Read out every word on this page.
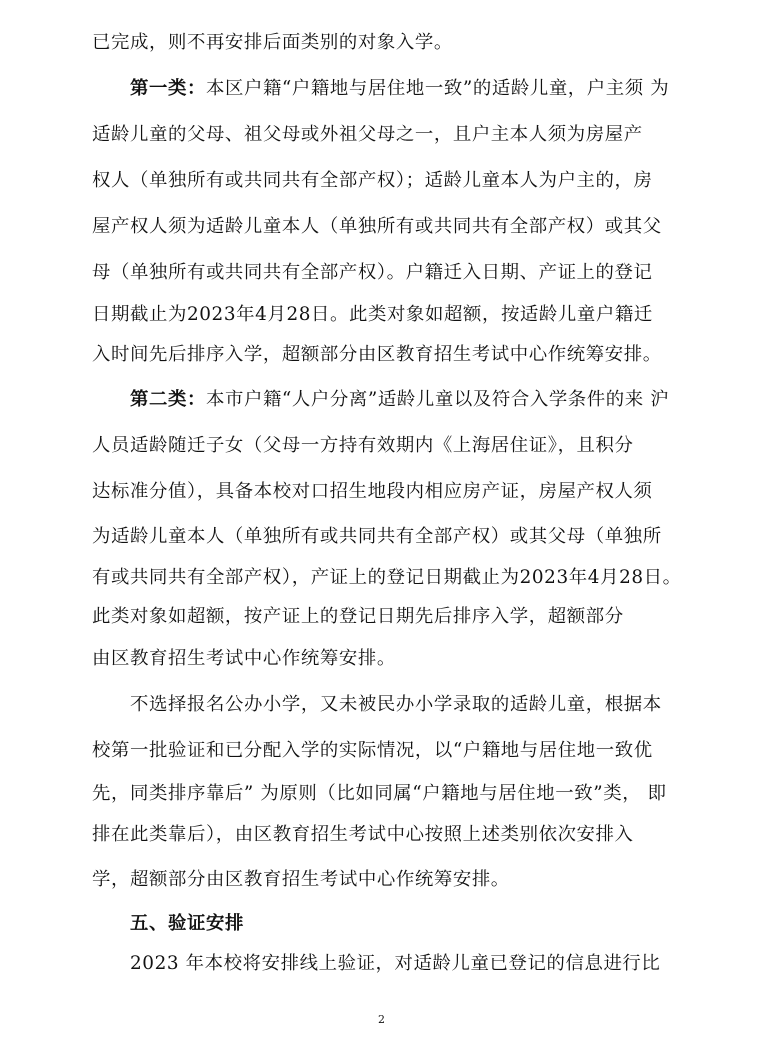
已完成，则不再安排后面类别的对象入学。
第一类：本区户籍“户籍地与居住地一致”的适龄儿童，户主须 为
适龄儿童的父母、祖父母或外祖父母之一，且户主本人须为房屋产
权人（单独所有或共同共有全部产权）；适龄儿童本人为户主的，房
屋产权人须为适龄儿童本人（单独所有或共同共有全部产权）或其父
母（单独所有或共同共有全部产权）。户籍迁入日期、产证上的登记
日期截止为2023年4月28日。此类对象如超额，按适龄儿童户籍迁
入时间先后排序入学，超额部分由区教育招生考试中心作统筹安排。
第二类：本市户籍“人户分离”适龄儿童以及符合入学条件的来 沪
人员适龄随迁子女（父母一方持有效期内《上海居住证》，且积分
达标准分值），具备本校对口招生地段内相应房产证，房屋产权人须
为适龄儿童本人（单独所有或共同共有全部产权）或其父母（单独所
有或共同共有全部产权），产证上的登记日期截止为2023年4月28日。
此类对象如超额，按产证上的登记日期先后排序入学，超额部分
由区教育招生考试中心作统筹安排。
不选择报名公办小学，又未被民办小学录取的适龄儿童，根据本
校第一批验证和已分配入学的实际情况，以“户籍地与居住地一致优
先，同类排序靠后” 为原则（比如同属“户籍地与居住地一致”类， 即
排在此类靠后），由区教育招生考试中心按照上述类别依次安排入
学，超额部分由区教育招生考试中心作统筹安排。
五、验证安排
2023 年本校将安排线上验证，对适龄儿童已登记的信息进行比
2
